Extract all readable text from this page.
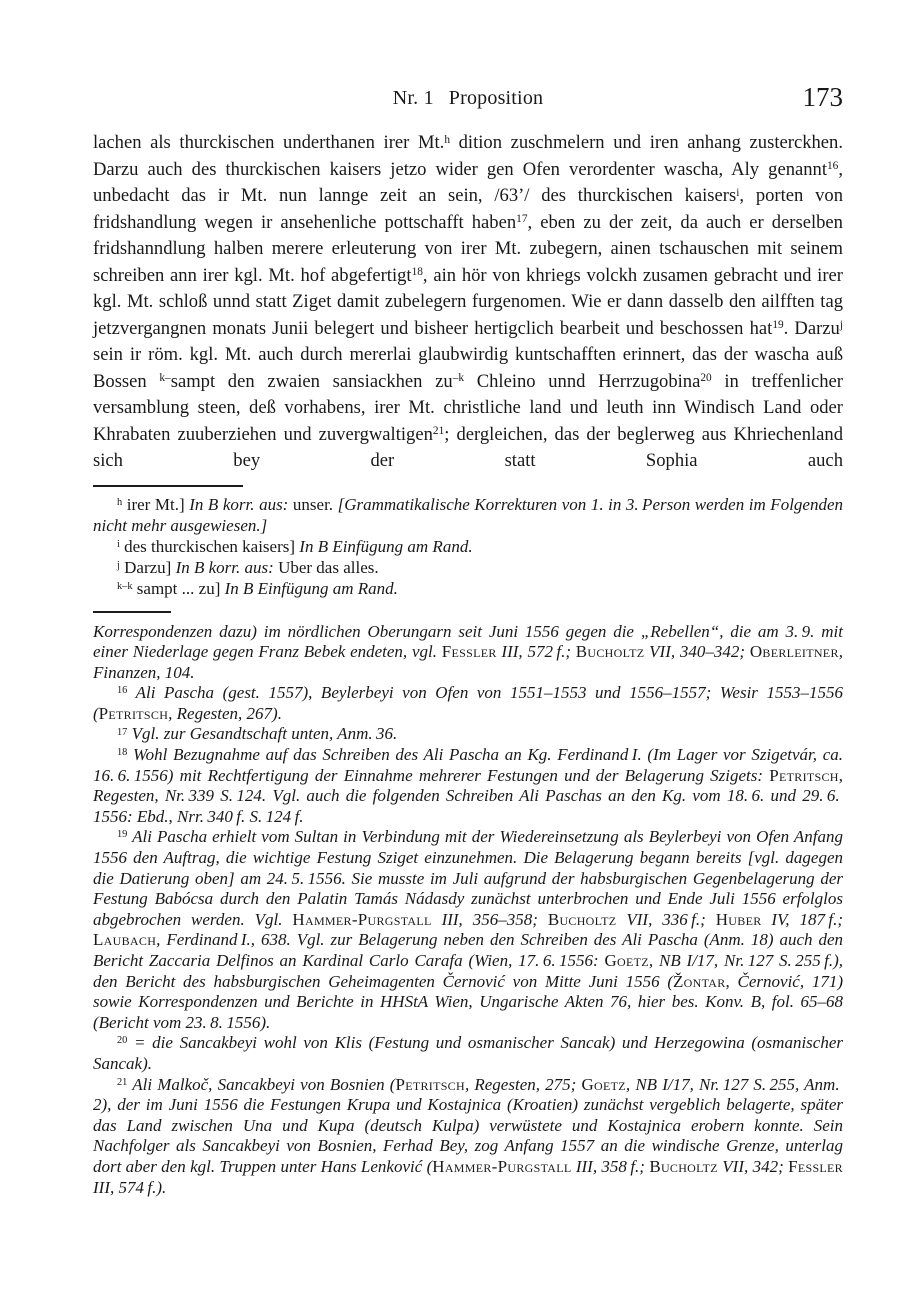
Nr. 1 Proposition	173
lachen als thurckischen underthanen irer Mt.$^h$ dition zuschmelern und iren anhang zusterckhen. Darzu auch des thurckischen kaisers jetzo wider gen Ofen verordenter wascha, Aly genannt$^{16}$, unbedacht das ir Mt. nun lannge zeit an sein, /63’/ des thurckischen kaisers$^i$, porten von fridshandlung wegen ir ansehenliche pottschafft haben$^{17}$, eben zu der zeit, da auch er derselben fridshanndlung halben merere erleuterung von irer Mt. zubegern, ainen tschauschen mit seinem schreiben ann irer kgl. Mt. hof abgefertigt$^{18}$, ain hör von khriegs volckh zusamen gebracht und irer kgl. Mt. schloß unnd statt Ziget damit zubelegern furgenomen. Wie er dann dasselb den ailfften tag jetzvergangnen monats Junii belegert und bisheer hertigclich bearbeit und beschossen hat$^{19}$. Darzu$^j$ sein ir röm. kgl. Mt. auch durch mererlai glaubwirdig kuntschafften erinnert, das der wascha auß Bossen $^{k-}$sampt den zwaien sansiackhen $zu^{-k}$ Chleino unnd Herrzugobina$^{20}$ in treffenlicher versamblung steen, deß vorhabens, irer Mt. christliche land und leuth inn Windisch Land oder Khrabaten zuuberziehen und zuvergwaltigen$^{21}$; dergleichen, das der beglerweg aus Khriechenland sich bey der statt Sophia auch
$^h$ irer Mt.] In B korr. aus: unser. [Grammatikalische Korrekturen von 1. in 3. Person werden im Folgenden nicht mehr ausgewiesen.]
$^i$ des thurckischen kaisers] In B Einfügung am Rand.
$^j$ Darzu] In B korr. aus: Uber das alles.
$^{k-k}$ sampt ... zu] In B Einfügung am Rand.
Korrespondenzen dazu) im nördlichen Oberungarn seit Juni 1556 gegen die „Rebellen“, die am 3. 9. mit einer Niederlage gegen Franz Bebek endeten, vgl. Fessler III, 572 f.; Bucholtz VII, 340–342; Oberleitner, Finanzen, 104.
$^{16}$ Ali Pascha (gest. 1557), Beylerbeyi von Ofen von 1551–1553 und 1556–1557; Wesir 1553–1556 (Petritsch, Regesten, 267).
$^{17}$ Vgl. zur Gesandtschaft unten, Anm. 36.
$^{18}$ Wohl Bezugnahme auf das Schreiben des Ali Pascha an Kg. Ferdinand I. (Im Lager vor Szigetvár, ca. 16. 6. 1556) mit Rechtfertigung der Einnahme mehrerer Festungen und der Belagerung Szigets: Petritsch, Regesten, Nr. 339 S. 124. Vgl. auch die folgenden Schreiben Ali Paschas an den Kg. vom 18. 6. und 29. 6. 1556: Ebd., Nrr. 340 f. S. 124 f.
$^{19}$ Ali Pascha erhielt vom Sultan in Verbindung mit der Wiedereinsetzung als Beylerbeyi von Ofen Anfang 1556 den Auftrag, die wichtige Festung Sziget einzunehmen. Die Belagerung begann bereits [vgl. dagegen die Datierung oben] am 24. 5. 1556. Sie musste im Juli aufgrund der habsburgischen Gegenbelagerung der Festung Babócsa durch den Palatin Tamás Nádasdy zunächst unterbrochen und Ende Juli 1556 erfolglos abgebrochen werden. Vgl. Hammer-Purgstall III, 356–358; Bucholtz VII, 336 f.; Huber IV, 187 f.; Laubach, Ferdinand I., 638. Vgl. zur Belagerung neben den Schreiben des Ali Pascha (Anm. 18) auch den Bericht Zaccaria Delfinos an Kardinal Carlo Carafa (Wien, 17. 6. 1556: Goetz, NB I/17, Nr. 127 S. 255 f.), den Bericht des habsburgischen Geheimagenten Černović von Mitte Juni 1556 (Žontar, Černović, 171) sowie Korrespondenzen und Berichte in HHStA Wien, Ungarische Akten 76, hier bes. Konv. B, fol. 65–68 (Bericht vom 23. 8. 1556).
$^{20}$ = die Sancakbeyi wohl von Klis (Festung und osmanischer Sancak) und Herzegowina (osmanischer Sancak).
$^{21}$ Ali Malkoč, Sancakbeyi von Bosnien (Petritsch, Regesten, 275; Goetz, NB I/17, Nr. 127 S. 255, Anm. 2), der im Juni 1556 die Festungen Krupa und Kostajnica (Kroatien) zunächst vergeblich belagerte, später das Land zwischen Una und Kupa (deutsch Kulpa) verwüstete und Kostajnica erobern konnte. Sein Nachfolger als Sancakbeyi von Bosnien, Ferhad Bey, zog Anfang 1557 an die windische Grenze, unterlag dort aber den kgl. Truppen unter Hans Lenković (Hammer-Purgstall III, 358 f.; Bucholtz VII, 342; Fessler III, 574 f.).
